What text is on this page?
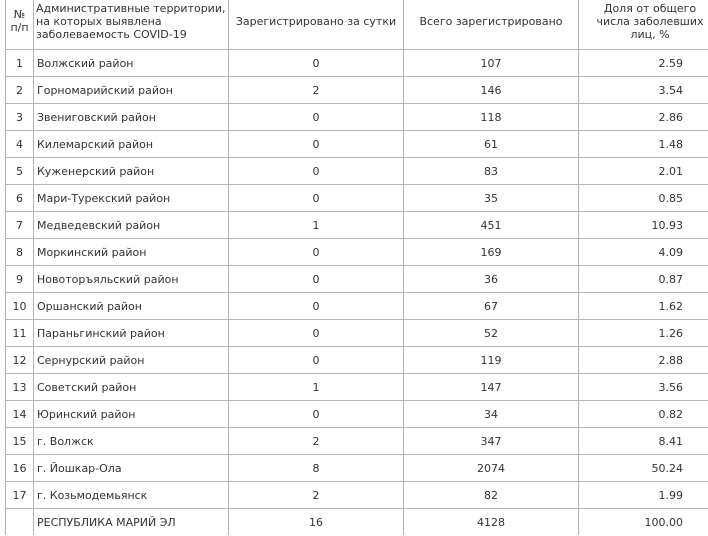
№ п/п	Административные территории, на которых выявлена заболеваемость COVID-19	Зарегистрировано за сутки	Всего зарегистрировано	Доля от общего числа заболевших лиц, %
1	Волжский район	0	107	2.59
2	Горномарийский район	2	146	3.54
3	Звениговский район	0	118	2.86
4	Килемарский район	0	61	1.48
5	Куженерский район	0	83	2.01
6	Мари-Турекский район	0	35	0.85
7	Медведевский район	1	451	10.93
8	Моркинский район	0	169	4.09
9	Новоторъяльский район	0	36	0.87
10	Оршанский район	0	67	1.62
11	Параньгинский район	0	52	1.26
12	Сернурский район	0	119	2.88
13	Советский район	1	147	3.56
14	Юринский район	0	34	0.82
15	г. Волжск	2	347	8.41
16	г. Йошкар-Ола	8	2074	50.24
17	г. Козьмодемьянск	2	82	1.99
	РЕСПУБЛИКА МАРИЙ ЭЛ	16	4128	100.00
